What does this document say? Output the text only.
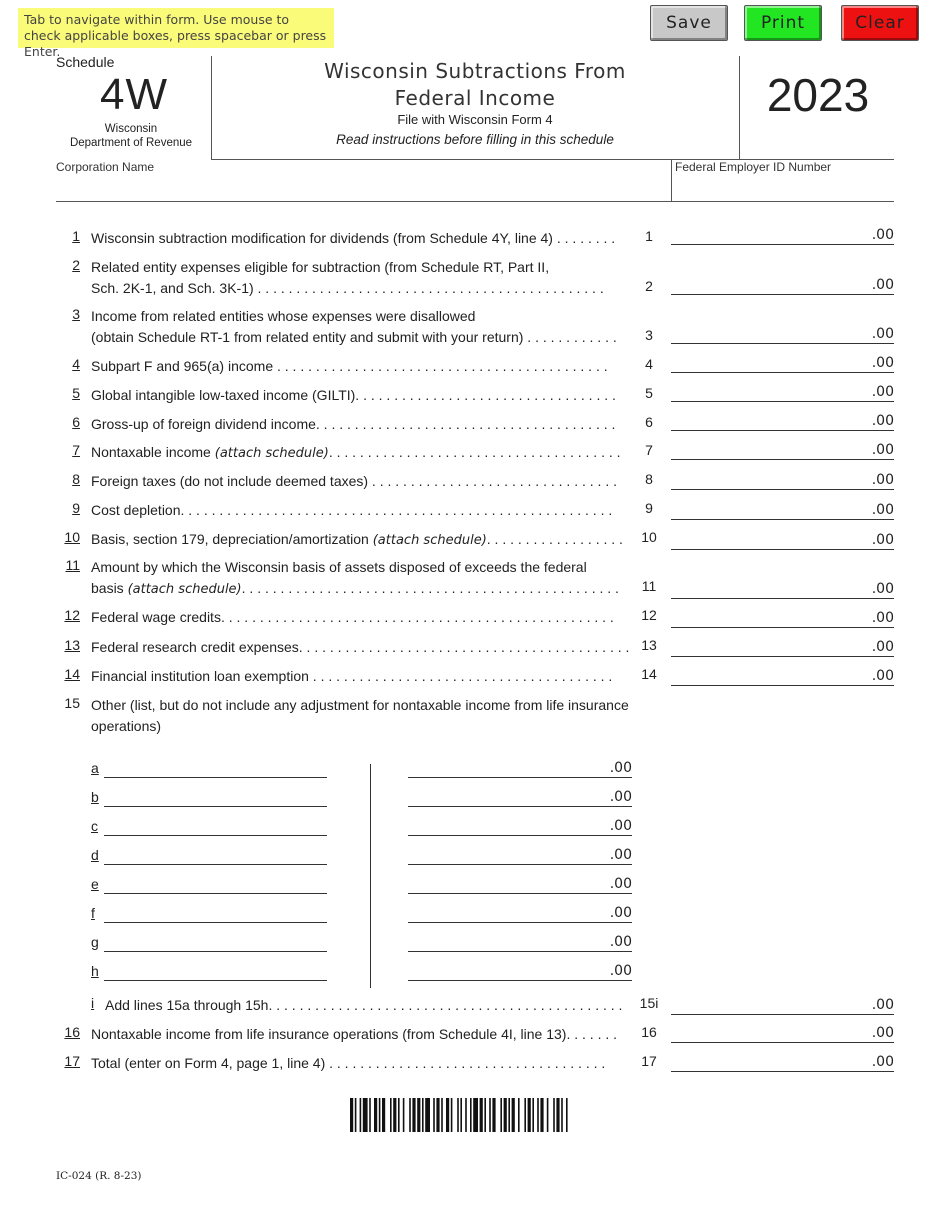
Tab to navigate within form. Use mouse to check applicable boxes, press spacebar or press Enter.
Save	Print	Clear
Schedule
4W
Wisconsin
Department of Revenue
Wisconsin Subtractions From
Federal Income
File with Wisconsin Form 4
Read instructions before filling in this schedule
2023
Corporation Name	Federal Employer ID Number
1 Wisconsin subtraction modification for dividends (from Schedule 4Y, line 4) . . . . . . . .	1	.00
2 Related entity expenses eligible for subtraction (from Schedule RT, Part II,
Sch. 2K-1, and Sch. 3K-1) . . . . . . . . . . . . . . . . . . . . . . . . . . . . . . . . . . . . . . . . . . . . .	2	.00
3 Income from related entities whose expenses were disallowed
(obtain Schedule RT-1 from related entity and submit with your return) . . . . . . . . . . . .	3	.00
4 Subpart F and 965(a) income . . . . . . . . . . . . . . . . . . . . . . . . . . . . . . . . . . . . . . . . . . .	4	.00
5 Global intangible low-taxed income (GILTI). . . . . . . . . . . . . . . . . . . . . . . . . . . . . . . . . .	5	.00
6 Gross-up of foreign dividend income. . . . . . . . . . . . . . . . . . . . . . . . . . . . . . . . . . . . . . .	6	.00
7 Nontaxable income (attach schedule). . . . . . . . . . . . . . . . . . . . . . . . . . . . . . . . . . . . . .	7	.00
8 Foreign taxes (do not include deemed taxes) . . . . . . . . . . . . . . . . . . . . . . . . . . . . . . . .	8	.00
9 Cost depletion. . . . . . . . . . . . . . . . . . . . . . . . . . . . . . . . . . . . . . . . . . . . . . . . . . . . . . . .	9	.00
10 Basis, section 179, depreciation/amortization (attach schedule). . . . . . . . . . . . . . . . . .	10	.00
11 Amount by which the Wisconsin basis of assets disposed of exceeds the federal
basis (attach schedule). . . . . . . . . . . . . . . . . . . . . . . . . . . . . . . . . . . . . . . . . . . . . . . . .	11	.00
12 Federal wage credits. . . . . . . . . . . . . . . . . . . . . . . . . . . . . . . . . . . . . . . . . . . . . . . . . . .	12	.00
13 Federal research credit expenses. . . . . . . . . . . . . . . . . . . . . . . . . . . . . . . . . . . . . . . . . . . 13	.00
14 Financial institution loan exemption . . . . . . . . . . . . . . . . . . . . . . . . . . . . . . . . . . . . . . .	14	.00
15 Other (list, but do not include any adjustment for nontaxable income from life insurance
operations)
a	.00
b	.00
c	.00
d	.00
e	.00
f	.00
g	.00
h	.00
i Add lines 15a through 15h. . . . . . . . . . . . . . . . . . . . . . . . . . . . . . . . . . . . . . . . . . . . . .	15i	.00
16 Nontaxable income from life insurance operations (from Schedule 4I, line 13). . . . . . .	16	.00
17 Total (enter on Form 4, page 1, line 4) . . . . . . . . . . . . . . . . . . . . . . . . . . . . . . . . . . . .	17	.00
IC-024 (R. 8-23)
